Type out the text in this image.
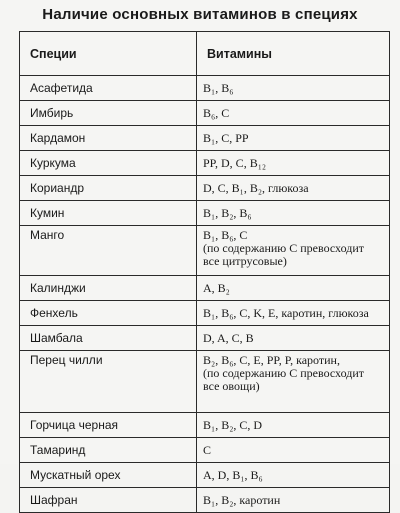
Наличие основных витаминов в специях
Специи	Витамины
Асафетида	B₁, B₆
Имбирь	B₆, C
Кардамон	B₁, C, PP
Куркума	PP, D, C, B₁₂
Кориандр	D, C, B₁, B₂, глюкоза
Кумин	B₁, B₂, B₆
Манго	B₁, B₆, C
(по содержанию С превосходит все цитрусовые)
Калинджи	A, B₂
Фенхель	B₁, B₆, C, K, E, каротин, глюкоза
Шамбала	D, A, C, B
Перец чилли	B₂, B₆, C, E, PP, P, каротин,
(по содержанию С превосходит все овощи)
Горчица черная	B₁, B₂, C, D
Тамаринд	C
Мускатный орех	A, D, B₁, B₆
Шафран	B₁, B₂, каротин
